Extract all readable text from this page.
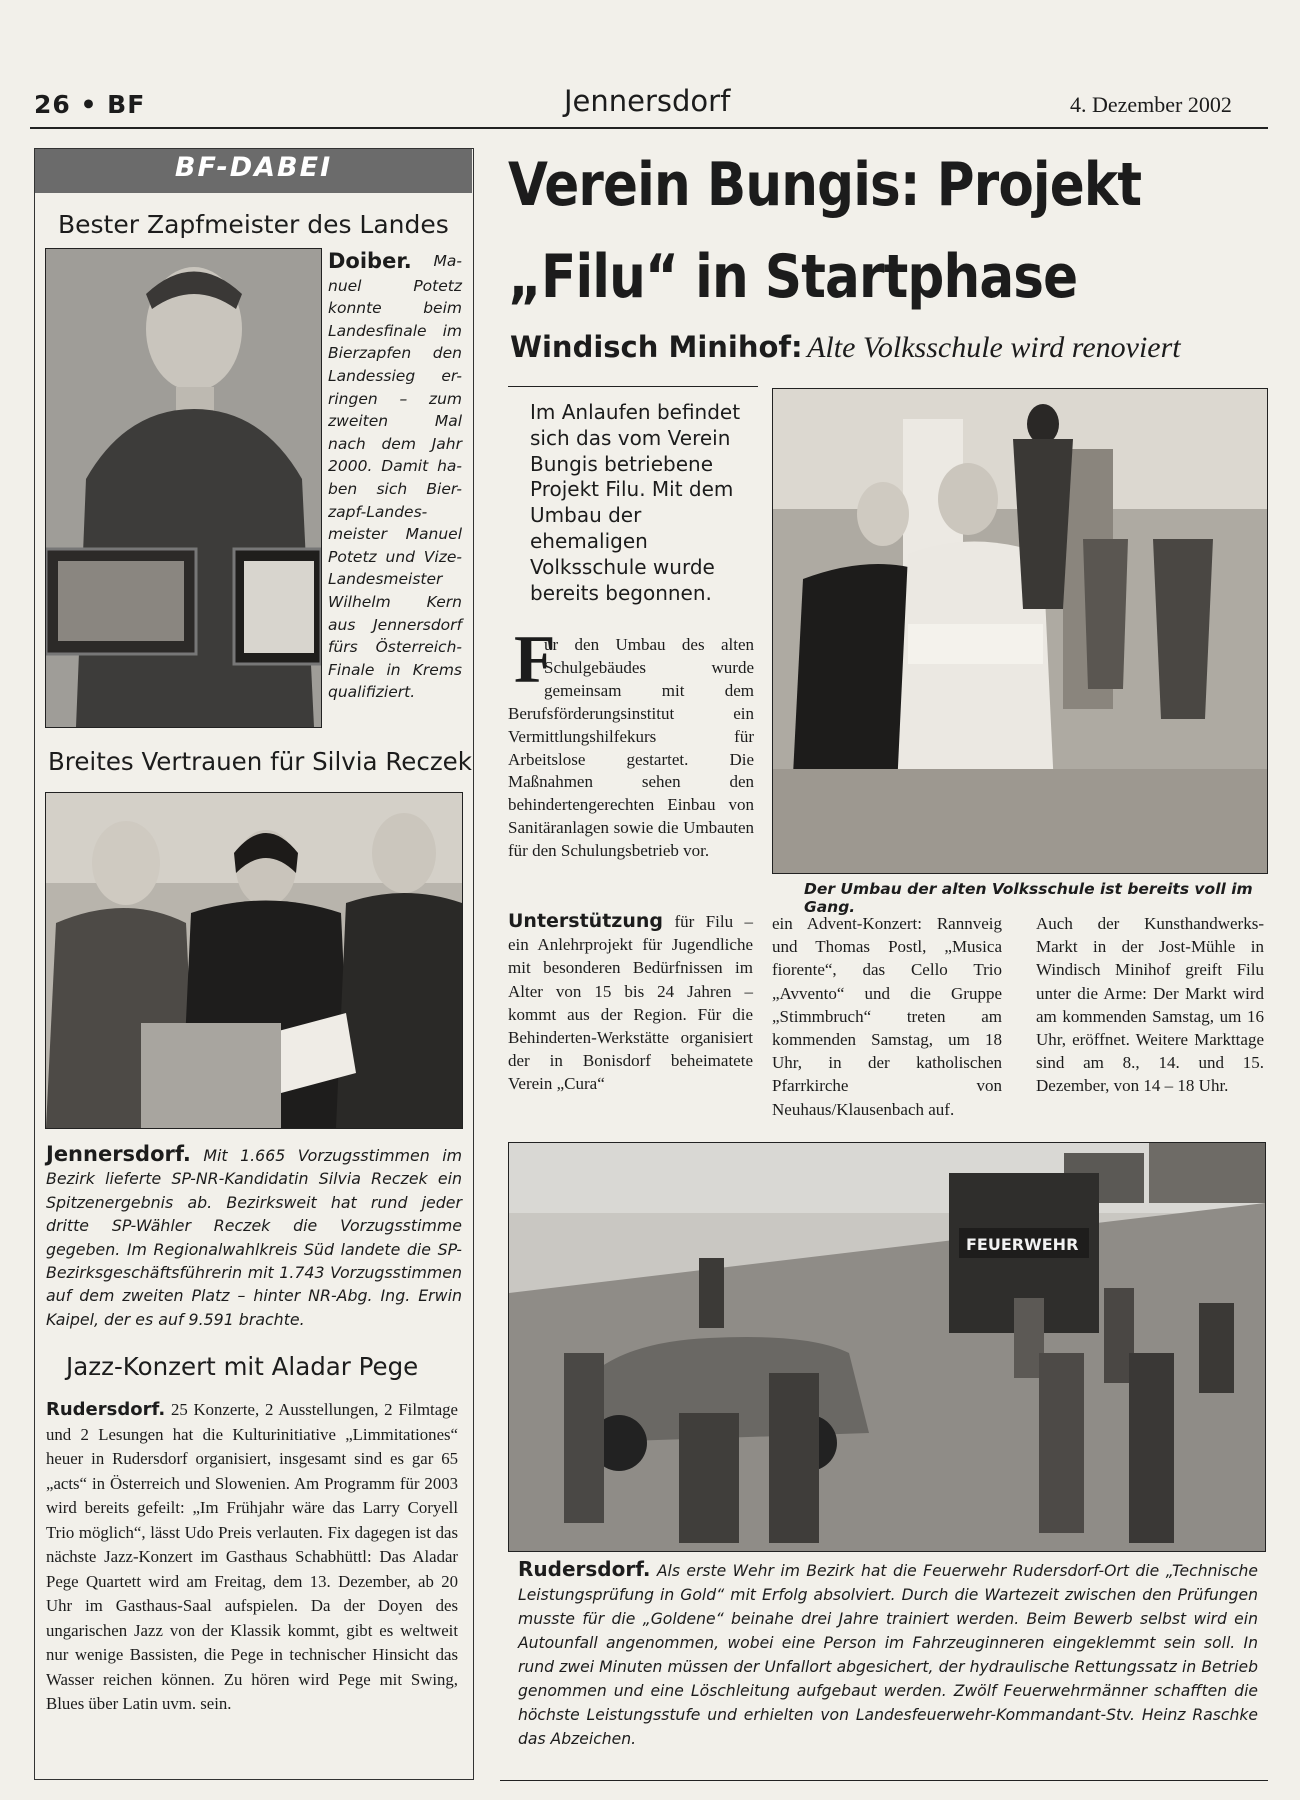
26 • BF	Jennersdorf	4. Dezember 2002
BF-DABEI
Bester Zapfmeister des Landes
Doiber. Ma-
nuel Potetz
konnte beim
Landesfinale im
Bierzapfen den
Landessieg er-
ringen – zum
zweiten Mal
nach dem Jahr
2000. Damit ha-
ben sich Bier-
zapf-Landes-
meister Manuel
Potetz und Vize-
Landesmeister
Wilhelm Kern
aus Jennersdorf
fürs Österreich-
Finale in Krems
qualifiziert.
Breites Vertrauen für Silvia Reczek
Jennersdorf. Mit 1.665 Vorzugsstimmen im Bezirk lieferte SP-NR-Kandidatin Silvia Reczek ein Spitzenergebnis ab. Bezirksweit hat rund jeder dritte SP-Wähler Reczek die Vorzugsstimme gegeben. Im Regionalwahlkreis Süd landete die SP-Bezirksgeschäftsführerin mit 1.743 Vorzugsstimmen auf dem zweiten Platz – hinter NR-Abg. Ing. Erwin Kaipel, der es auf 9.591 brachte.
Jazz-Konzert mit Aladar Pege
Rudersdorf. 25 Konzerte, 2 Ausstellungen, 2 Filmtage und 2 Lesungen hat die Kulturinitiative „Limmitationes“ heuer in Rudersdorf organisiert, insgesamt sind es gar 65 „acts“ in Österreich und Slowenien. Am Programm für 2003 wird bereits gefeilt: „Im Frühjahr wäre das Larry Coryell Trio möglich“, lässt Udo Preis verlauten. Fix dagegen ist das nächste Jazz-Konzert im Gasthaus Schabhüttl: Das Aladar Pege Quartett wird am Freitag, dem 13. Dezember, ab 20 Uhr im Gasthaus-Saal aufspielen. Da der Doyen des ungarischen Jazz von der Klassik kommt, gibt es weltweit nur wenige Bassisten, die Pege in technischer Hinsicht das Wasser reichen können. Zu hören wird Pege mit Swing, Blues über Latin uvm. sein.
Verein Bungis: Projekt
„Filu“ in Startphase
Windisch Minihof: Alte Volksschule wird renoviert
Im Anlaufen befindet sich das vom Verein Bungis betriebene Projekt Filu. Mit dem Umbau der ehemaligen Volksschule wurde bereits begonnen.
Der Umbau der alten Volksschule ist bereits voll im Gang.
F
ür den Umbau des alten Schulgebäudes wurde gemeinsam mit dem Berufsförderungsinstitut ein Vermittlungshilfekurs für Arbeitslose gestartet. Die Maßnahmen sehen den behindertengerechten Einbau von Sanitäranlagen sowie die Umbauten für den Schulungsbetrieb vor.
Unterstützung für Filu – ein Anlehrprojekt für Jugendliche mit besonderen Bedürfnissen im Alter von 15 bis 24 Jahren – kommt aus der Region. Für die Behinderten-Werkstätte organisiert der in Bonisdorf beheimatete Verein „Cura“
ein Advent-Konzert: Rannveig und Thomas Postl, „Musica fiorente“, das Cello Trio „Avvento“ und die Gruppe „Stimmbruch“ treten am kommenden Samstag, um 18 Uhr, in der katholischen Pfarrkirche von Neuhaus/Klausenbach auf.
Auch der Kunsthandwerks-Markt in der Jost-Mühle in Windisch Minihof greift Filu unter die Arme: Der Markt wird am kommenden Samstag, um 16 Uhr, eröffnet. Weitere Markttage sind am 8., 14. und 15. Dezember, von 14 – 18 Uhr.
FEUERWEHR
Rudersdorf. Als erste Wehr im Bezirk hat die Feuerwehr Rudersdorf-Ort die „Technische Leistungsprüfung in Gold“ mit Erfolg absolviert. Durch die Wartezeit zwischen den Prüfungen musste für die „Goldene“ beinahe drei Jahre trainiert werden. Beim Bewerb selbst wird ein Autounfall angenommen, wobei eine Person im Fahrzeuginneren eingeklemmt sein soll. In rund zwei Minuten müssen der Unfallort abgesichert, der hydraulische Rettungssatz in Betrieb genommen und eine Löschleitung aufgebaut werden. Zwölf Feuerwehrmänner schafften die höchste Leistungsstufe und erhielten von Landesfeuerwehr-Kommandant-Stv. Heinz Raschke das Abzeichen.
